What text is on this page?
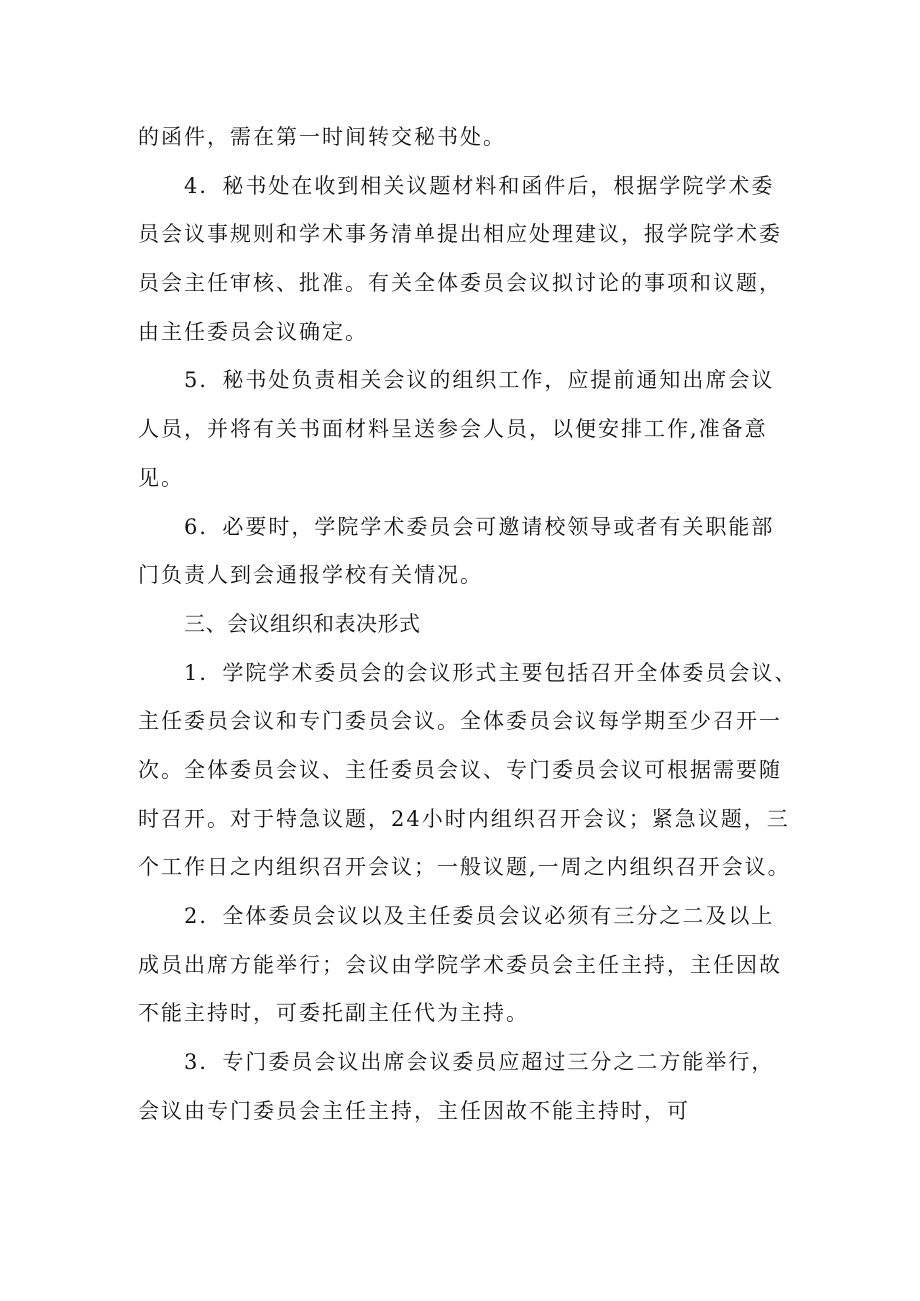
的函件，需在第一时间转交秘书处。
4．秘书处在收到相关议题材料和函件后，根据学院学术委
员会议事规则和学术事务清单提出相应处理建议，报学院学术委
员会主任审核、批准。有关全体委员会议拟讨论的事项和议题，
由主任委员会议确定。
5．秘书处负责相关会议的组织工作，应提前通知出席会议
人员，并将有关书面材料呈送参会人员，以便安排工作,准备意
见。
6．必要时，学院学术委员会可邀请校领导或者有关职能部
门负责人到会通报学校有关情况。
三、会议组织和表决形式
1．学院学术委员会的会议形式主要包括召开全体委员会议、
主任委员会议和专门委员会议。全体委员会议每学期至少召开一
次。全体委员会议、主任委员会议、专门委员会议可根据需要随
时召开。对于特急议题，24小时内组织召开会议；紧急议题，三
个工作日之内组织召开会议；一般议题,一周之内组织召开会议。
2．全体委员会议以及主任委员会议必须有三分之二及以上
成员出席方能举行；会议由学院学术委员会主任主持，主任因故
不能主持时，可委托副主任代为主持。
3．专门委员会议出席会议委员应超过三分之二方能举行，
会议由专门委员会主任主持，主任因故不能主持时，可
